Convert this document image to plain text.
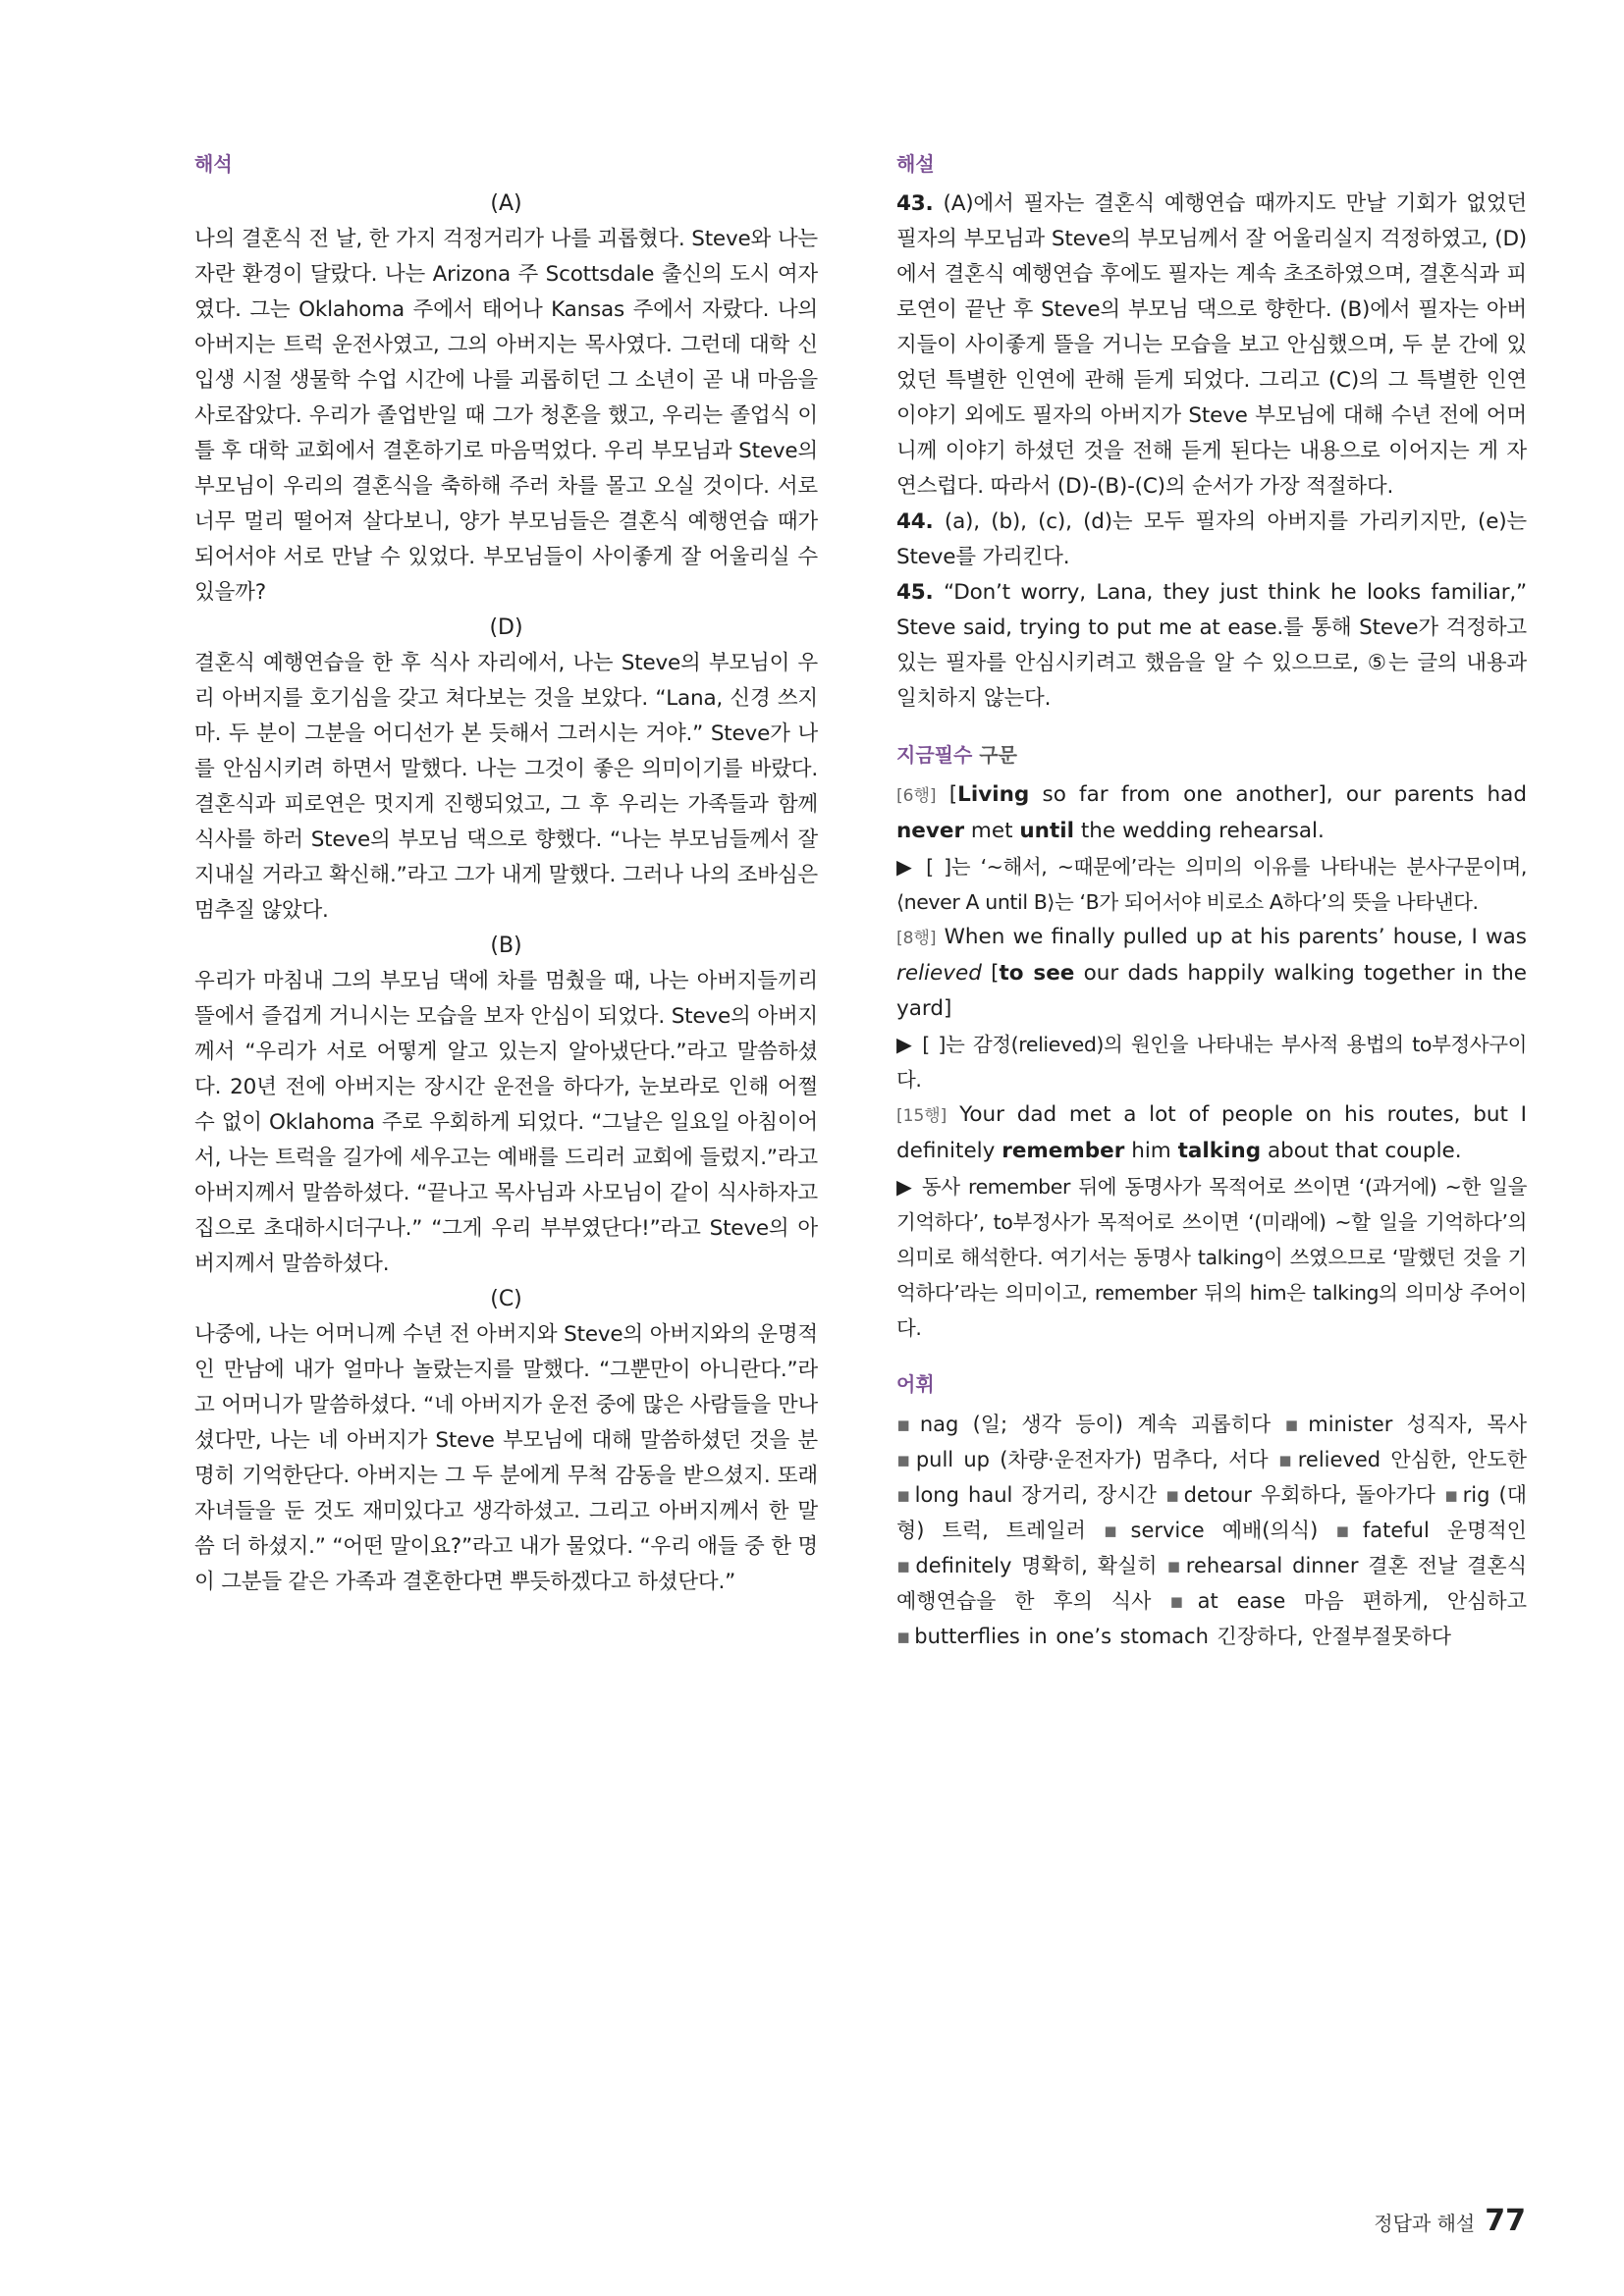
해석
(A)

나의 결혼식 전 날, 한 가지 걱정거리가 나를 괴롭혔다. Steve와 나는 자란 환경이 달랐다. 나는 Arizona 주 Scottsdale 출신의 도시 여자였다. 그는 Oklahoma 주에서 태어나 Kansas 주에서 자랐다. 나의 아버지는 트럭 운전사였고, 그의 아버지는 목사였다. 그런데 대학 신입생 시절 생물학 수업 시간에 나를 괴롭히던 그 소년이 곧 내 마음을 사로잡았다. 우리가 졸업반일 때 그가 청혼을 했고, 우리는 졸업식 이틀 후 대학 교회에서 결혼하기로 마음먹었다. 우리 부모님과 Steve의 부모님이 우리의 결혼식을 축하해 주러 차를 몰고 오실 것이다. 서로 너무 멀리 떨어져 살다보니, 양가 부모님들은 결혼식 예행연습 때가 되어서야 서로 만날 수 있었다. 부모님들이 사이좋게 잘 어울리실 수 있을까?

(D)

결혼식 예행연습을 한 후 식사 자리에서, 나는 Steve의 부모님이 우리 아버지를 호기심을 갖고 쳐다보는 것을 보았다. “Lana, 신경 쓰지 마. 두 분이 그분을 어디선가 본 듯해서 그러시는 거야.” Steve가 나를 안심시키려 하면서 말했다. 나는 그것이 좋은 의미이기를 바랐다. 결혼식과 피로연은 멋지게 진행되었고, 그 후 우리는 가족들과 함께 식사를 하러 Steve의 부모님 댁으로 향했다. “나는 부모님들께서 잘 지내실 거라고 확신해.”라고 그가 내게 말했다. 그러나 나의 조바심은 멈추질 않았다.

(B)

우리가 마침내 그의 부모님 댁에 차를 멈췄을 때, 나는 아버지들끼리 뜰에서 즐겁게 거니시는 모습을 보자 안심이 되었다. Steve의 아버지께서 “우리가 서로 어떻게 알고 있는지 알아냈단다.”라고 말씀하셨다. 20년 전에 아버지는 장시간 운전을 하다가, 눈보라로 인해 어쩔 수 없이 Oklahoma 주로 우회하게 되었다. “그날은 일요일 아침이어서, 나는 트럭을 길가에 세우고는 예배를 드리러 교회에 들렀지.”라고 아버지께서 말씀하셨다. “끝나고 목사님과 사모님이 같이 식사하자고 집으로 초대하시더구나.” “그게 우리 부부였단다!”라고 Steve의 아버지께서 말씀하셨다.

(C)

나중에, 나는 어머니께 수년 전 아버지와 Steve의 아버지와의 운명적인 만남에 내가 얼마나 놀랐는지를 말했다. “그뿐만이 아니란다.”라고 어머니가 말씀하셨다. “네 아버지가 운전 중에 많은 사람들을 만나셨다만, 나는 네 아버지가 Steve 부모님에 대해 말씀하셨던 것을 분명히 기억한단다. 아버지는 그 두 분에게 무척 감동을 받으셨지. 또래 자녀들을 둔 것도 재미있다고 생각하셨고. 그리고 아버지께서 한 말씀 더 하셨지.” “어떤 말이요?”라고 내가 물었다. “우리 애들 중 한 명이 그분들 같은 가족과 결혼한다면 뿌듯하겠다고 하셨단다.”

해설

43. (A)에서 필자는 결혼식 예행연습 때까지도 만날 기회가 없었던 필자의 부모님과 Steve의 부모님께서 잘 어울리실지 걱정하였고, (D)에서 결혼식 예행연습 후에도 필자는 계속 초조하였으며, 결혼식과 피로연이 끝난 후 Steve의 부모님 댁으로 향한다. (B)에서 필자는 아버지들이 사이좋게 뜰을 거니는 모습을 보고 안심했으며, 두 분 간에 있었던 특별한 인연에 관해 듣게 되었다. 그리고 (C)의 그 특별한 인연 이야기 외에도 필자의 아버지가 Steve 부모님에 대해 수년 전에 어머니께 이야기 하셨던 것을 전해 듣게 된다는 내용으로 이어지는 게 자연스럽다. 따라서 (D)-(B)-(C)의 순서가 가장 적절하다.

44. (a), (b), (c), (d)는 모두 필자의 아버지를 가리키지만, (e)는 Steve를 가리킨다.

45. “Don’t worry, Lana, they just think he looks familiar,” Steve said, trying to put me at ease.를 통해 Steve가 걱정하고 있는 필자를 안심시키려고 했음을 알 수 있으므로, ⑤는 글의 내용과 일치하지 않는다.

지금필수 구문

[6행] [Living so far from one another], our parents had never met until the wedding rehearsal.

▶ [ ]는 ‘~해서, ~때문에’라는 의미의 이유를 나타내는 분사구문이며, ⟨never A until B⟩는 ‘B가 되어서야 비로소 A하다’의 뜻을 나타낸다.

[8행] When we finally pulled up at his parents’ house, I was relieved [to see our dads happily walking together in the yard]

▶ [ ]는 감정(relieved)의 원인을 나타내는 부사적 용법의 to부정사구이다.

[15행] Your dad met a lot of people on his routes, but I definitely remember him talking about that couple.

▶ 동사 remember 뒤에 동명사가 목적어로 쓰이면 ‘(과거에) ~한 일을 기억하다’, to부정사가 목적어로 쓰이면 ‘(미래에) ~할 일을 기억하다’의 의미로 해석한다. 여기서는 동명사 talking이 쓰였으므로 ‘말했던 것을 기억하다’라는 의미이고, remember 뒤의 him은 talking의 의미상 주어이다.

어휘

▪ nag (일; 생각 등이) 계속 괴롭히다 ▪ minister 성직자, 목사 ▪ pull up (차량·운전자가) 멈추다, 서다 ▪ relieved 안심한, 안도한 ▪ long haul 장거리, 장시간 ▪ detour 우회하다, 돌아가다 ▪ rig (대형) 트럭, 트레일러 ▪ service 예배(의식) ▪ fateful 운명적인 ▪ definitely 명확히, 확실히 ▪ rehearsal dinner 결혼 전날 결혼식 예행연습을 한 후의 식사 ▪ at ease 마음 편하게, 안심하고 ▪ butterflies in one’s stomach 긴장하다, 안절부절못하다

정답과 해설 77
